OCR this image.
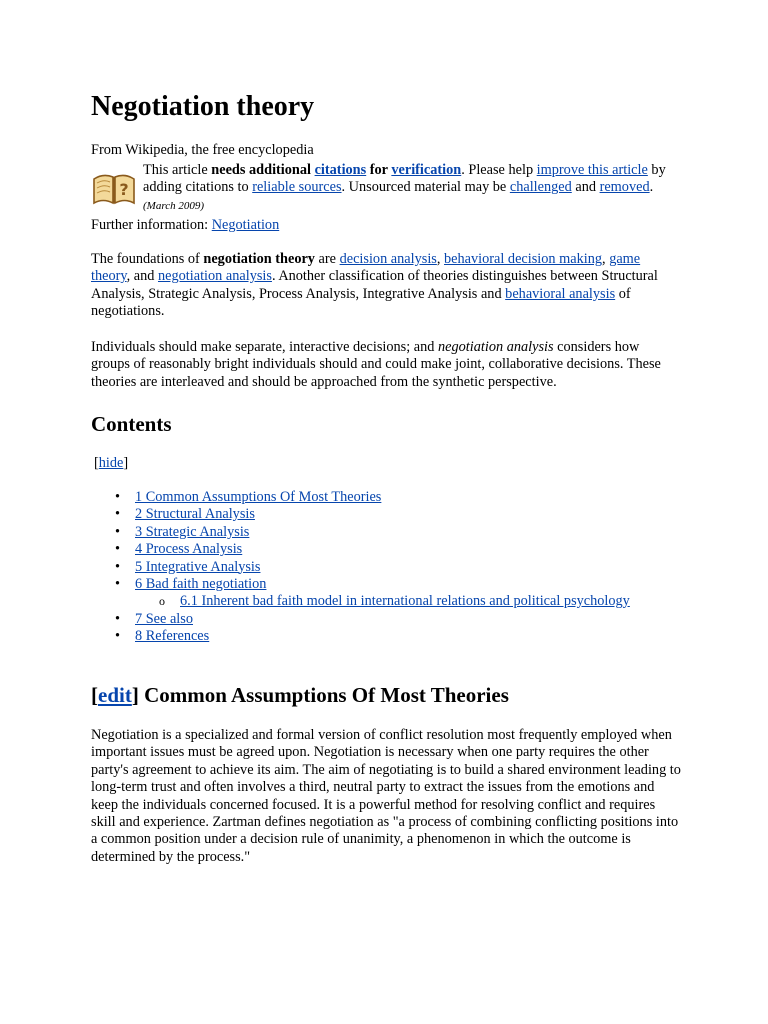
Negotiation theory
From Wikipedia, the free encyclopedia
?
This article needs additional citations for verification. Please help improve this article by adding citations to reliable sources. Unsourced material may be challenged and removed. (March 2009)
Further information: Negotiation

The foundations of negotiation theory are decision analysis, behavioral decision making, game theory, and negotiation analysis. Another classification of theories distinguishes between Structural Analysis, Strategic Analysis, Process Analysis, Integrative Analysis and behavioral analysis of negotiations.

Individuals should make separate, interactive decisions; and negotiation analysis considers how groups of reasonably bright individuals should and could make joint, collaborative decisions. These theories are interleaved and should be approached from the synthetic perspective.

Contents
[hide]
• 1 Common Assumptions Of Most Theories
• 2 Structural Analysis
• 3 Strategic Analysis
• 4 Process Analysis
• 5 Integrative Analysis
• 6 Bad faith negotiation
o 6.1 Inherent bad faith model in international relations and political psychology
• 7 See also
• 8 References
[edit] Common Assumptions Of Most Theories

Negotiation is a specialized and formal version of conflict resolution most frequently employed when important issues must be agreed upon. Negotiation is necessary when one party requires the other party's agreement to achieve its aim. The aim of negotiating is to build a shared environment leading to long-term trust and often involves a third, neutral party to extract the issues from the emotions and keep the individuals concerned focused. It is a powerful method for resolving conflict and requires skill and experience. Zartman defines negotiation as "a process of combining conflicting positions into a common position under a decision rule of unanimity, a phenomenon in which the outcome is determined by the process."
